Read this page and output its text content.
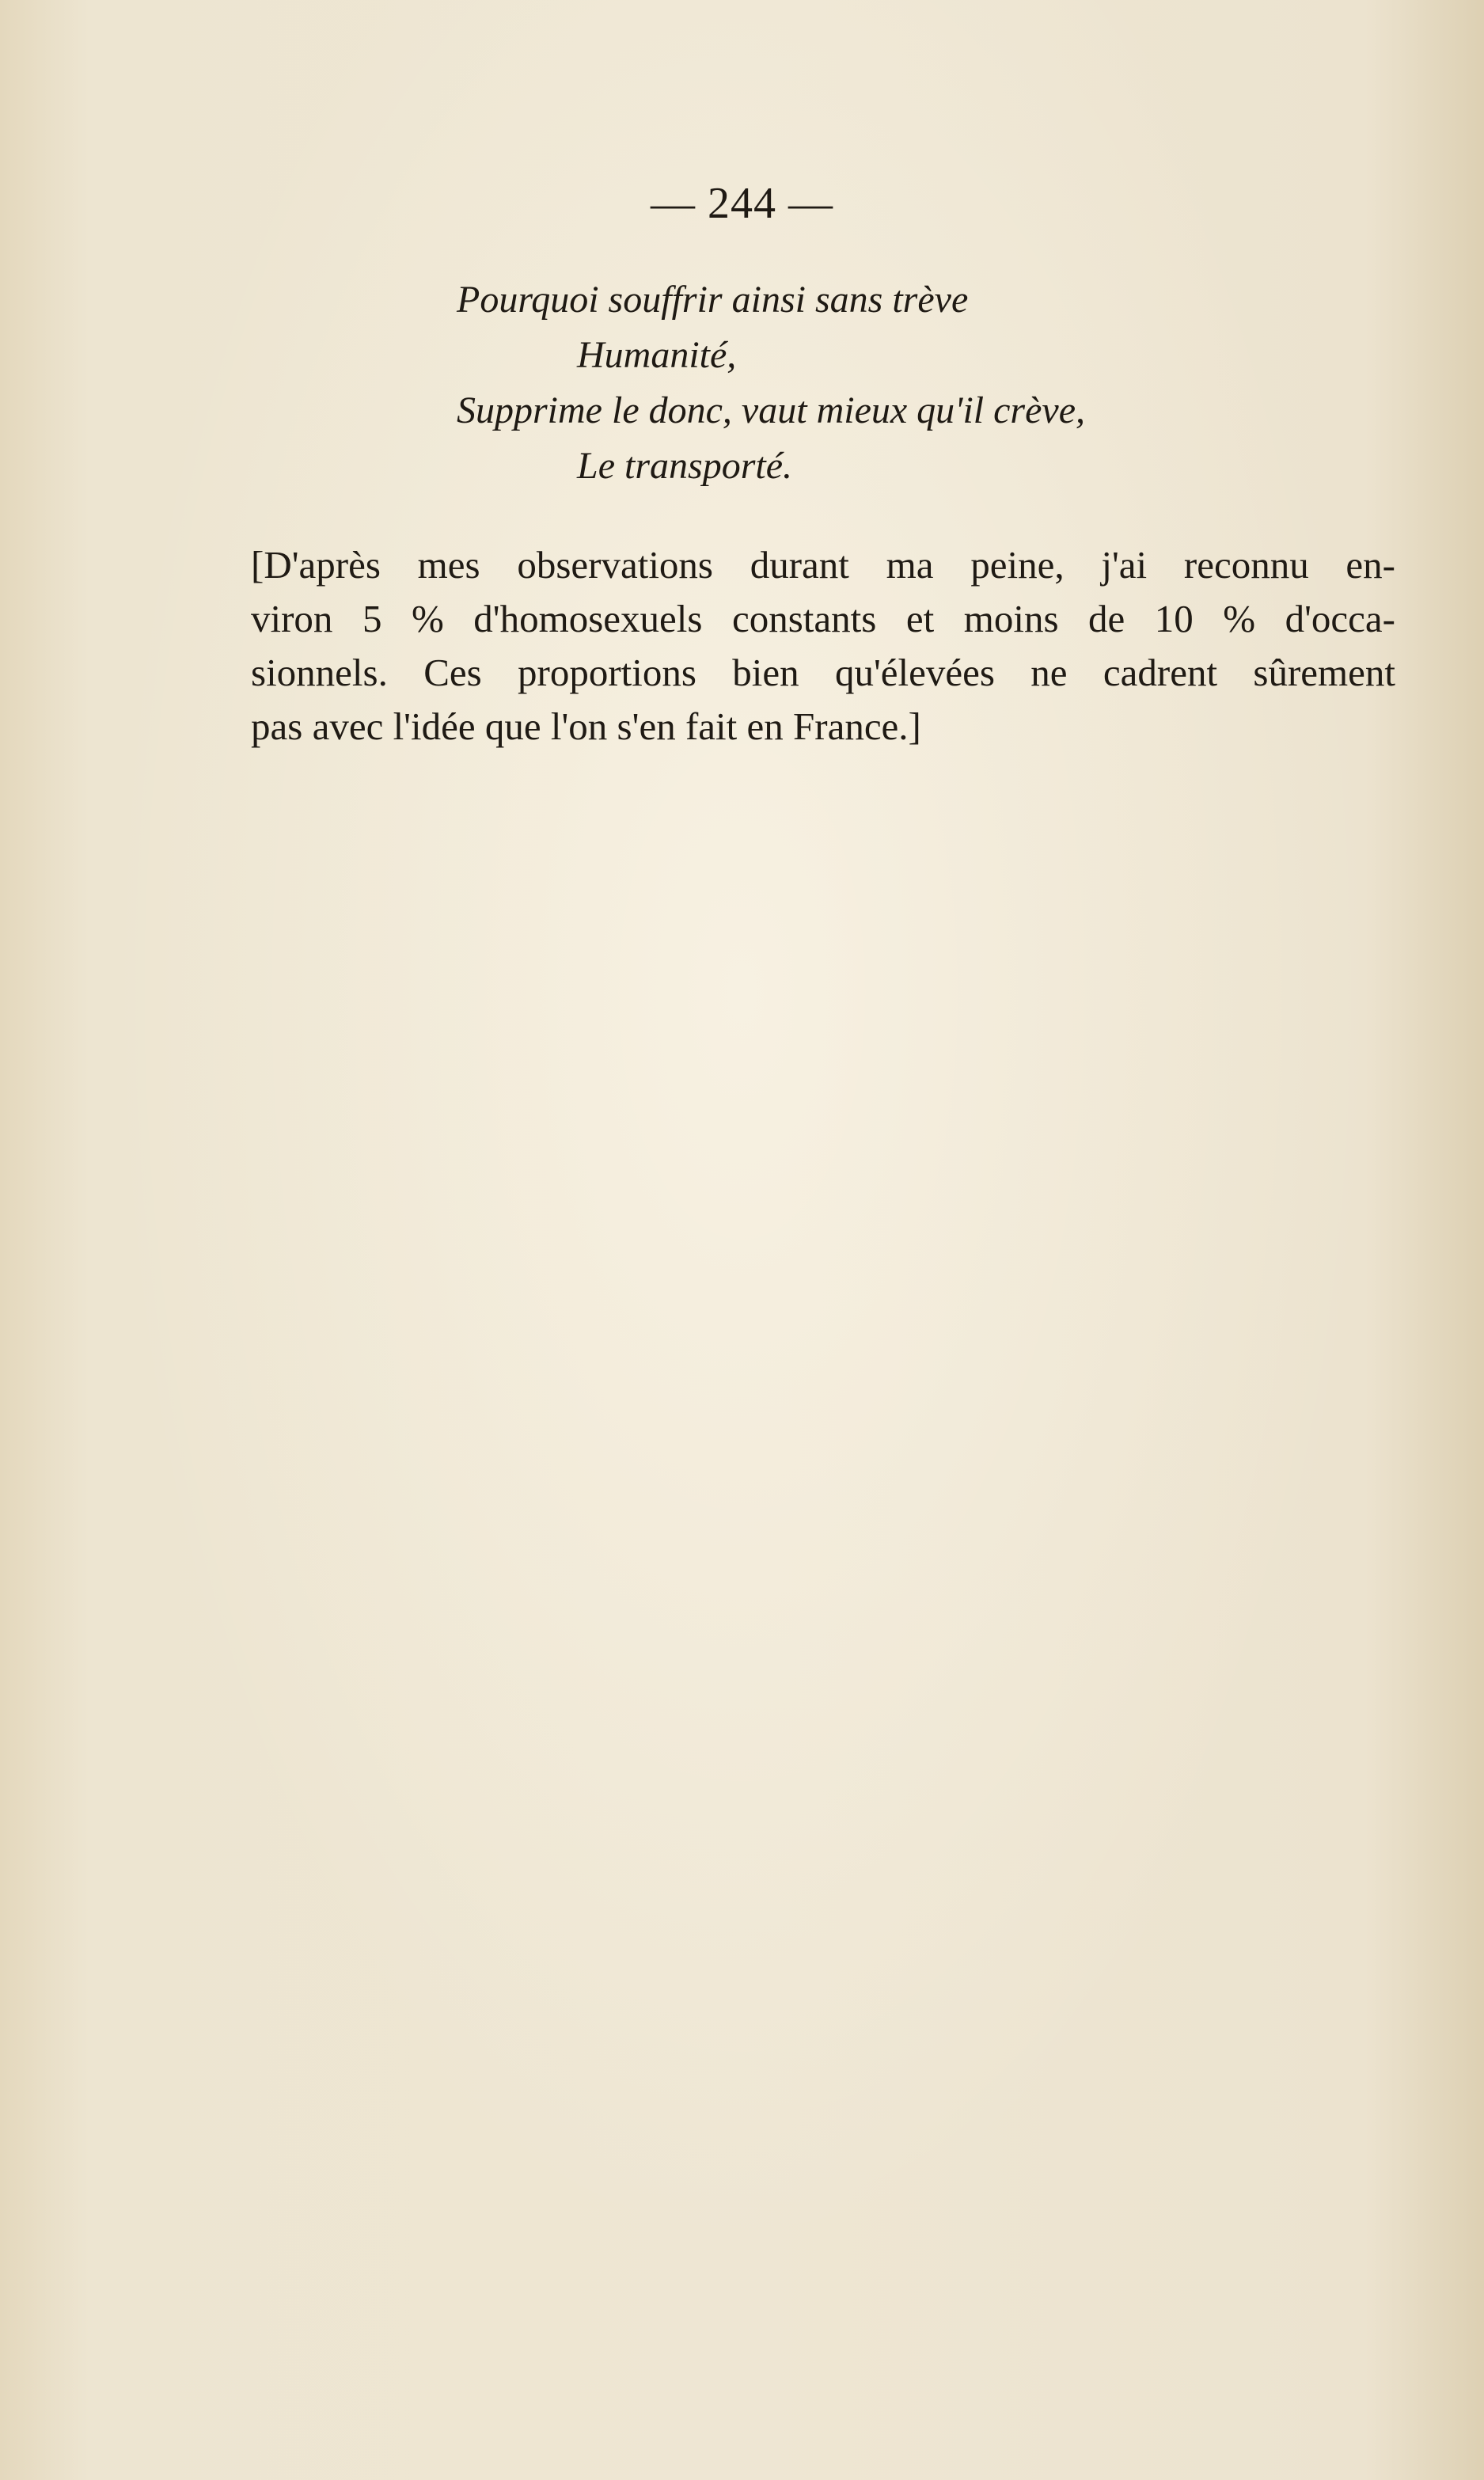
— 244 —
Pourquoi souffrir ainsi sans trève
Humanité,
Supprime le donc, vaut mieux qu'il crève,
Le transporté.
[D'après mes observations durant ma peine, j'ai reconnu en-
viron 5 % d'homosexuels constants et moins de 10 % d'occa-
sionnels. Ces proportions bien qu'élevées ne cadrent sûrement
pas avec l'idée que l'on s'en fait en France.]
